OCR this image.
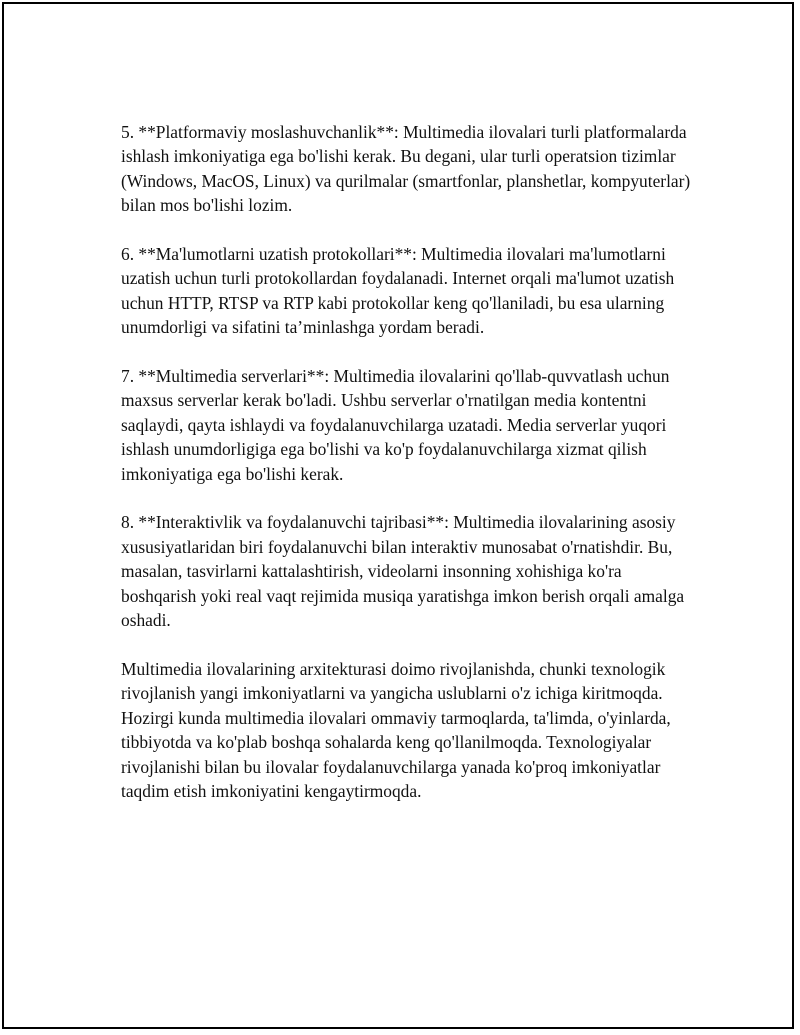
5. **Platformaviy moslashuvchanlik**: Multimedia ilovalari turli platformalarda ishlash imkoniyatiga ega bo'lishi kerak. Bu degani, ular turli operatsion tizimlar (Windows, MacOS, Linux) va qurilmalar (smartfonlar, planshetlar, kompyuterlar) bilan mos bo'lishi lozim.

6. **Ma'lumotlarni uzatish protokollari**: Multimedia ilovalari ma'lumotlarni uzatish uchun turli protokollardan foydalanadi. Internet orqali ma'lumot uzatish uchun HTTP, RTSP va RTP kabi protokollar keng qo'llaniladi, bu esa ularning unumdorligi va sifatini ta’minlashga yordam beradi.

7. **Multimedia serverlari**: Multimedia ilovalarini qo'llab-quvvatlash uchun maxsus serverlar kerak bo'ladi. Ushbu serverlar o'rnatilgan media kontentni saqlaydi, qayta ishlaydi va foydalanuvchilarga uzatadi. Media serverlar yuqori ishlash unumdorligiga ega bo'lishi va ko'p foydalanuvchilarga xizmat qilish imkoniyatiga ega bo'lishi kerak.

8. **Interaktivlik va foydalanuvchi tajribasi**: Multimedia ilovalarining asosiy xususiyatlaridan biri foydalanuvchi bilan interaktiv munosabat o'rnatishdir. Bu, masalan, tasvirlarni kattalashtirish, videolarni insonning xohishiga ko'ra boshqarish yoki real vaqt rejimida musiqa yaratishga imkon berish orqali amalga oshadi.

Multimedia ilovalarining arxitekturasi doimo rivojlanishda, chunki texnologik rivojlanish yangi imkoniyatlarni va yangicha uslublarni o'z ichiga kiritmoqda. Hozirgi kunda multimedia ilovalari ommaviy tarmoqlarda, ta'limda, o'yinlarda, tibbiyotda va ko'plab boshqa sohalarda keng qo'llanilmoqda. Texnologiyalar rivojlanishi bilan bu ilovalar foydalanuvchilarga yanada ko'proq imkoniyatlar taqdim etish imkoniyatini kengaytirmoqda.
